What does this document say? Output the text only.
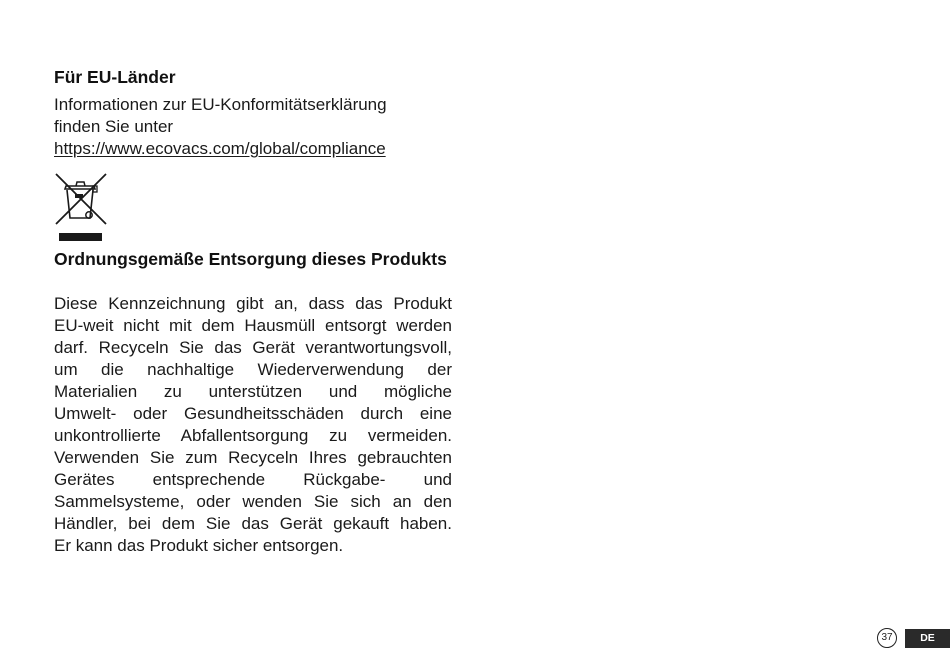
Für EU-Länder

Informationen zur EU-Konformitätserklärung
finden Sie unter
https://www.ecovacs.com/global/compliance

Ordnungsgemäße Entsorgung dieses Produkts

Diese Kennzeichnung gibt an, dass das Produkt
EU-weit nicht mit dem Hausmüll entsorgt werden
darf. Recyceln Sie das Gerät verantwortungsvoll,
um die nachhaltige Wiederverwendung der
Materialien zu unterstützen und mögliche
Umwelt- oder Gesundheitsschäden durch eine
unkontrollierte Abfallentsorgung zu vermeiden.
Verwenden Sie zum Recyceln Ihres gebrauchten
Gerätes entsprechende Rückgabe- und
Sammelsysteme, oder wenden Sie sich an den
Händler, bei dem Sie das Gerät gekauft haben.
Er kann das Produkt sicher entsorgen.

37	DE
